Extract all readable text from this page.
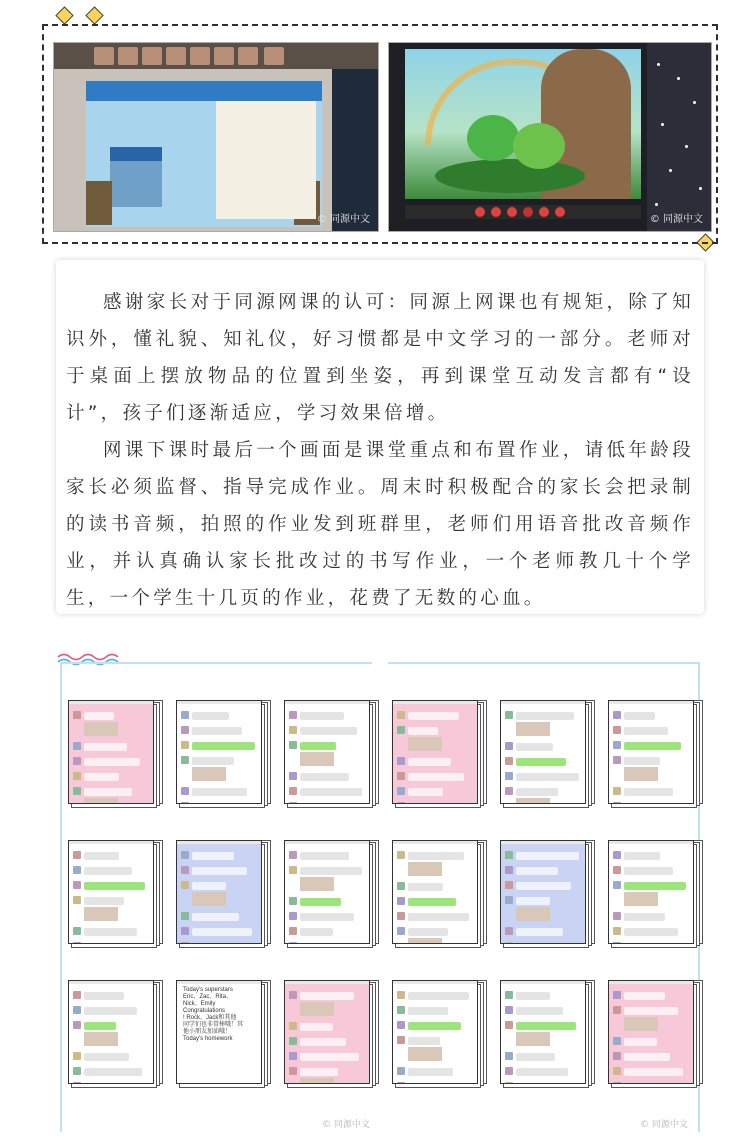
© 同源中文	© 同源中文

感谢家长对于同源网课的认可：同源上网课也有规矩，除了知识外，懂礼貌、知礼仪，好习惯都是中文学习的一部分。老师对于桌面上摆放物品的位置到坐姿，再到课堂互动发言都有“设计”，孩子们逐渐适应，学习效果倍增。

网课下课时最后一个画面是课堂重点和布置作业，请低年龄段家长必须监督、指导完成作业。周末时积极配合的家长会把录制的读书音频，拍照的作业发到班群里，老师们用语音批改音频作业，并认真确认家长批改过的书写作业，一个老师教几十个学生，一个学生十几页的作业，花费了无数的心血。

Today's superstars
Eric、Zac、Rita、
Nick、Emily
Congratulations
! Rock、Jack和其他
同学们也非常棒哦！其
他小朋友加油哦！
Today's homework
© 同源中文	© 同源中文
